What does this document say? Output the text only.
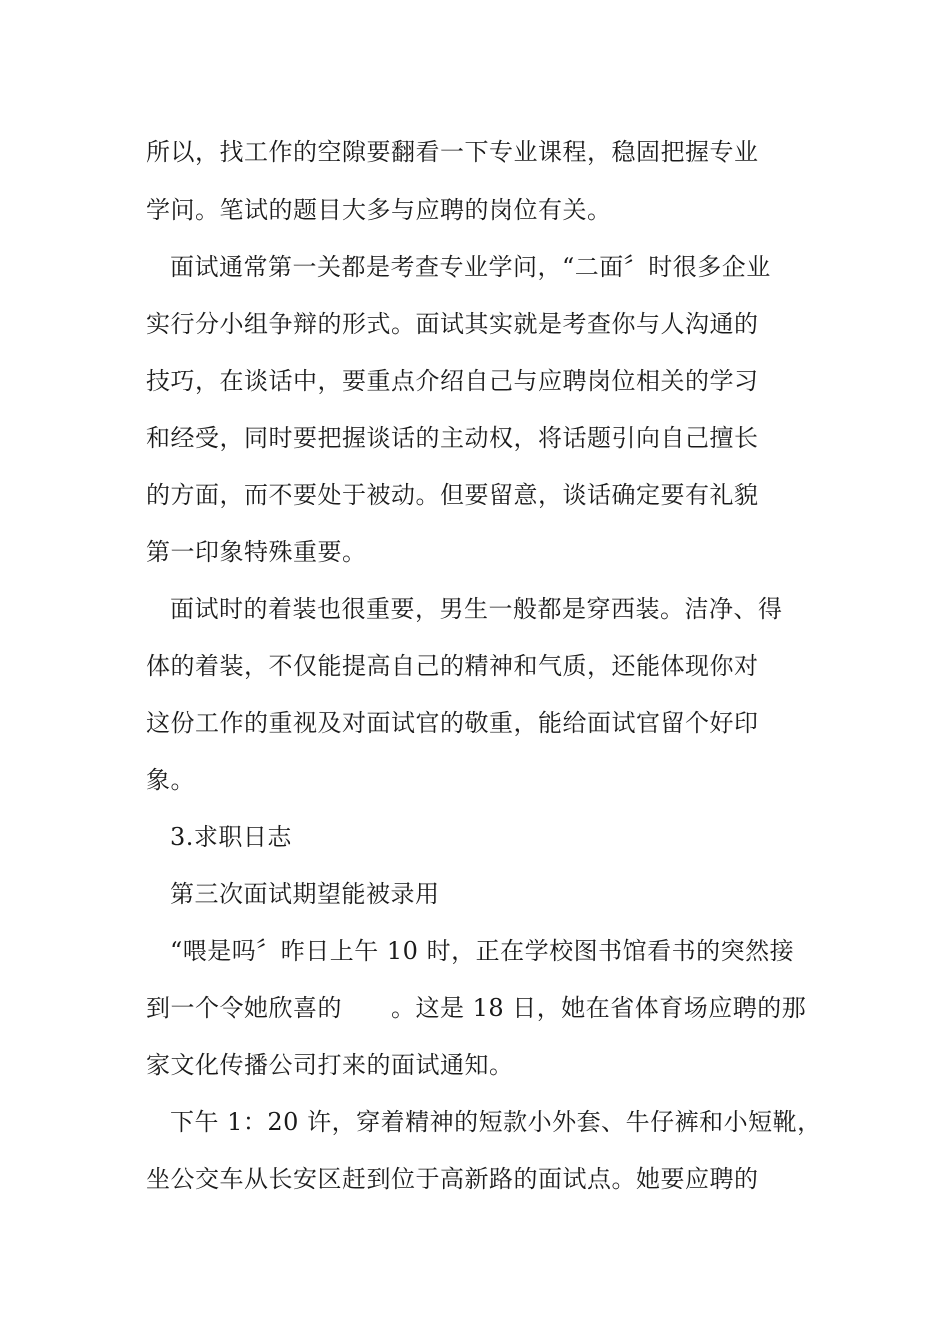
所以，找工作的空隙要翻看一下专业课程，稳固把握专业
学问。笔试的题目大多与应聘的岗位有关。
面试通常第一关都是考查专业学问，“二面〞时很多企业
实行分小组争辩的形式。面试其实就是考查你与人沟通的
技巧，在谈话中，要重点介绍自己与应聘岗位相关的学习
和经受，同时要把握谈话的主动权，将话题引向自己擅长
的方面，而不要处于被动。但要留意，谈话确定要有礼貌
第一印象特殊重要。
面试时的着装也很重要，男生一般都是穿西装。洁净、得
体的着装，不仅能提高自己的精神和气质，还能体现你对
这份工作的重视及对面试官的敬重，能给面试官留个好印
象。
3.求职日志
第三次面试期望能被录用
“喂是吗〞昨日上午 10 时，正在学校图书馆看书的突然接
到一个令她欣喜的　　。这是 18 日，她在省体育场应聘的那
家文化传播公司打来的面试通知。
下午 1：20 许，穿着精神的短款小外套、牛仔裤和小短靴，
坐公交车从长安区赶到位于高新路的面试点。她要应聘的
